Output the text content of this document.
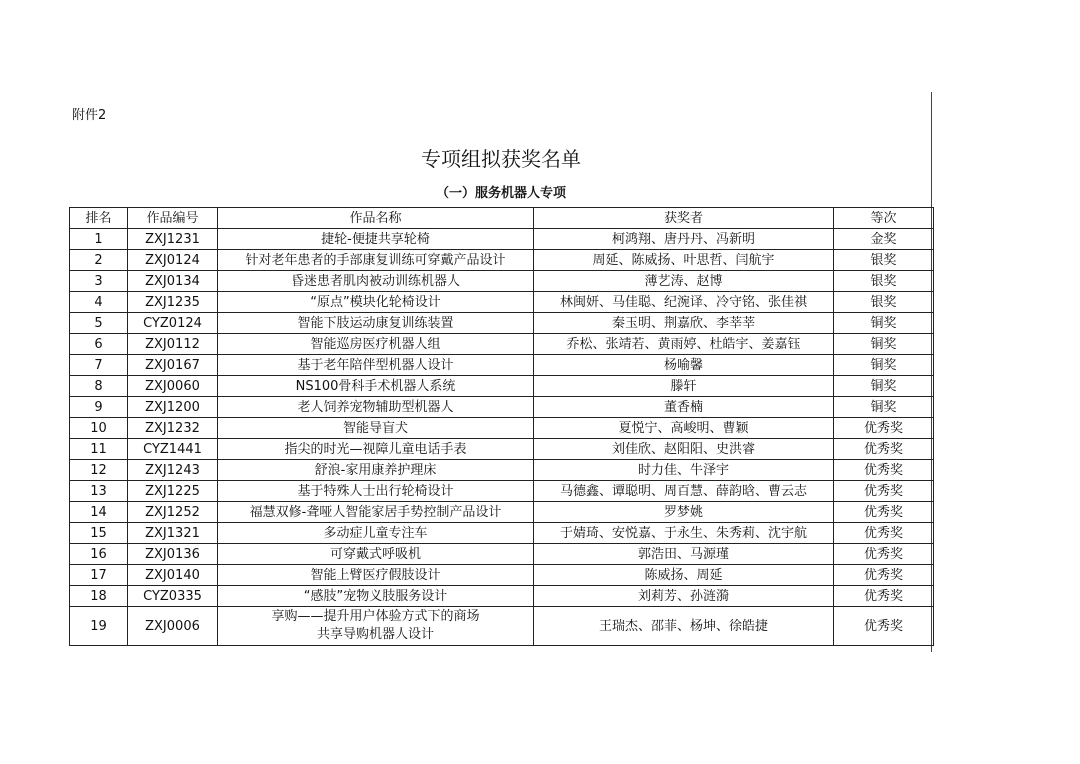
附件2
专项组拟获奖名单
（一）服务机器人专项
排名	作品编号	作品名称	获奖者	等次
1	ZXJ1231	捷轮-便捷共享轮椅	柯鸿翔、唐丹丹、冯新明	金奖
2	ZXJ0124	针对老年患者的手部康复训练可穿戴产品设计	周延、陈威扬、叶思哲、闫航宇	银奖
3	ZXJ0134	昏迷患者肌肉被动训练机器人	薄艺涛、赵博	银奖
4	ZXJ1235	“原点”模块化轮椅设计	林闽妍、马佳聪、纪涴译、冷守铭、张佳祺	银奖
5	CYZ0124	智能下肢运动康复训练装置	秦玉明、荆嘉欣、李莘莘	铜奖
6	ZXJ0112	智能巡房医疗机器人组	乔松、张靖若、黄雨婷、杜皓宇、姜嘉钰	铜奖
7	ZXJ0167	基于老年陪伴型机器人设计	杨喻馨	铜奖
8	ZXJ0060	NS100骨科手术机器人系统	滕轩	铜奖
9	ZXJ1200	老人饲养宠物辅助型机器人	董香楠	铜奖
10	ZXJ1232	智能导盲犬	夏悦宁、高峻明、曹颖	优秀奖
11	CYZ1441	指尖的时光—视障儿童电话手表	刘佳欣、赵阳阳、史洪睿	优秀奖
12	ZXJ1243	舒浪-家用康养护理床	时力佳、牛泽宇	优秀奖
13	ZXJ1225	基于特殊人士出行轮椅设计	马德鑫、谭聪明、周百慧、薛韵晗、曹云志	优秀奖
14	ZXJ1252	福慧双修-聋哑人智能家居手势控制产品设计	罗梦姚	优秀奖
15	ZXJ1321	多动症儿童专注车	于婧琦、安悦嘉、于永生、朱秀莉、沈宇航	优秀奖
16	ZXJ0136	可穿戴式呼吸机	郭浩田、马源瑾	优秀奖
17	ZXJ0140	智能上臂医疗假肢设计	陈威扬、周延	优秀奖
18	CYZ0335	“感肢”宠物义肢服务设计	刘莉芳、孙涟漪	优秀奖
19	ZXJ0006	享购——提升用户体验方式下的商场
共享导购机器人设计	王瑞杰、邵菲、杨坤、徐皓捷	优秀奖
